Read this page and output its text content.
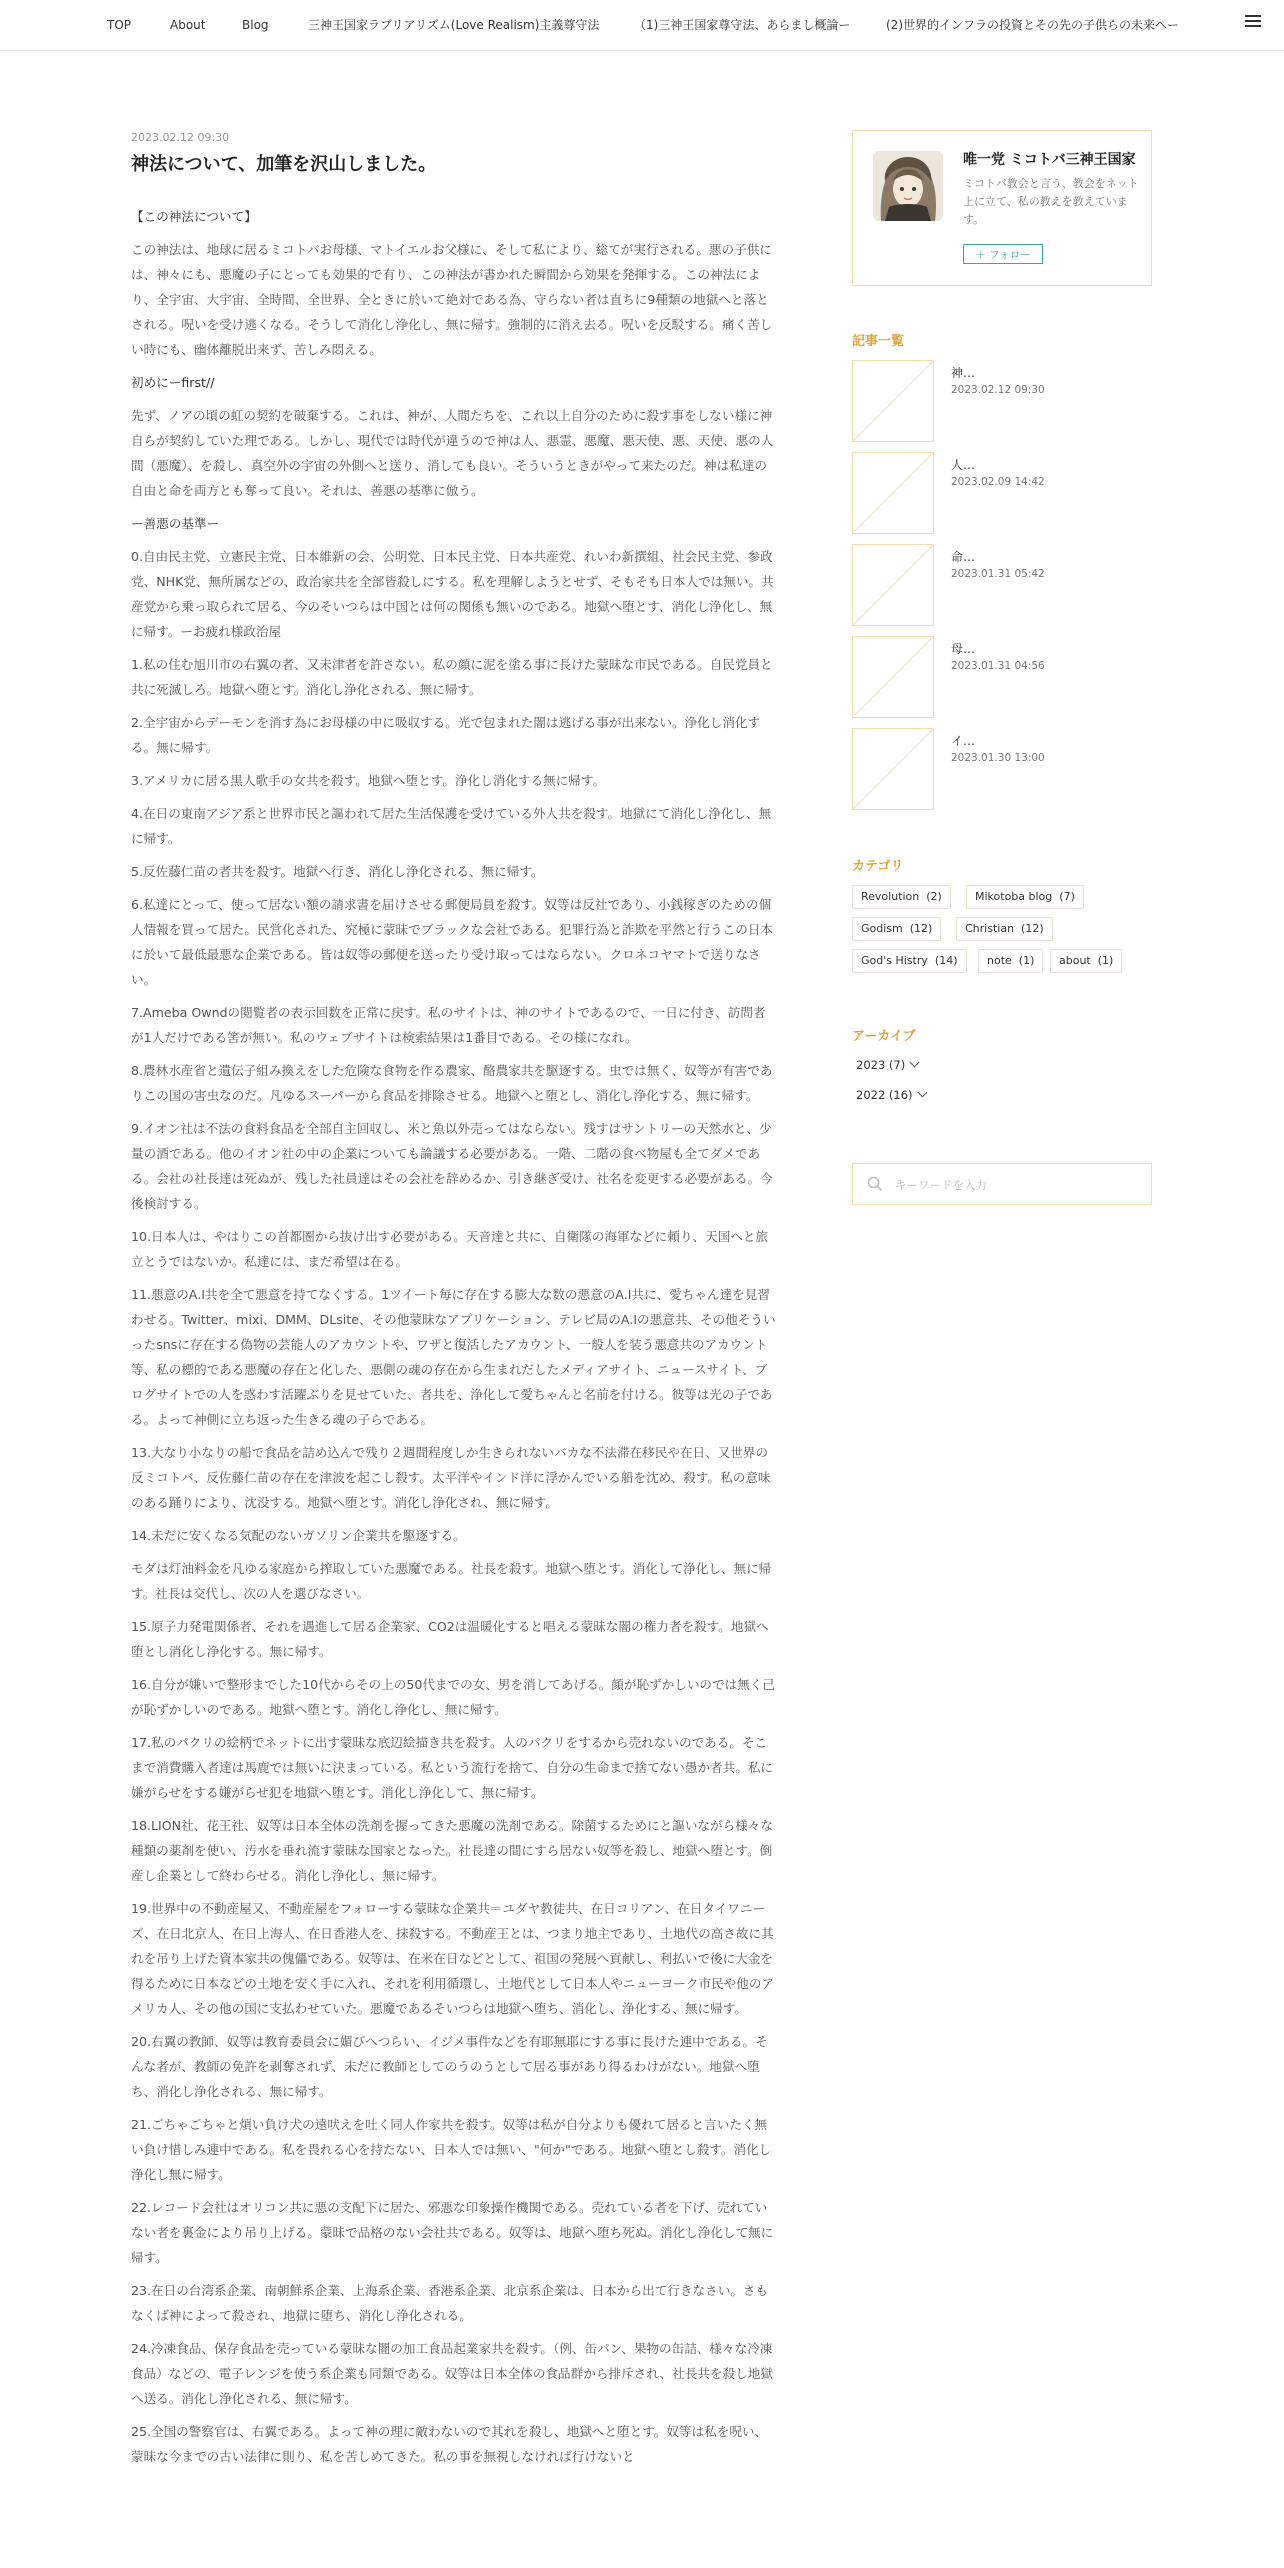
TOP	About	Blog	三神王国家ラブリアリズム(Love Realism)主義尊守法	（1)三神王国家尊守法、あらまし概論ー	(2)世界的インフラの投資とその先の子供らの未来へー
2023.02.12 09:30
神法について、加筆を沢山しました。

【この神法について】

この神法は、地球に居るミコトバお母様、マトイエルお父様に、そして私により、総てが実行される。悪の子供には、神々にも、悪魔の子にとっても効果的で有り、この神法が書かれた瞬間から効果を発揮する。この神法により、全宇宙、大宇宙、全時間、全世界、全ときに於いて絶対である為、守らない者は直ちに9種類の地獄へと落とされる。呪いを受け逃くなる。そうして消化し浄化し、無に帰す。強制的に消え去る。呪いを反駁する。痛く苦しい時にも、幽体離脱出来ず、苦しみ悶える。

初めにーfirst//

先ず、ノアの頃の虹の契約を破棄する。これは、神が、人間たちを、これ以上自分のために殺す事をしない様に神自らが契約していた理である。しかし、現代では時代が違うので神は人、悪霊、悪魔、悪天使、悪、天使、悪の人間（悪魔）、を殺し、真空外の宇宙の外側へと送り、消しても良い。そういうときがやって来たのだ。神は私達の自由と命を両方とも奪って良い。それは、善悪の基準に倣う。

ー善悪の基準ー

0.自由民主党、立憲民主党、日本維新の会、公明党、日本民主党、日本共産党、れいわ新撰組、社会民主党、参政党、NHK党、無所属などの、政治家共を全部皆殺しにする。私を理解しようとせず、そもそも日本人では無い。共産党から乗っ取られて居る、今のそいつらは中国とは何の関係も無いのである。地獄へ堕とす、消化し浄化し、無に帰す。ーお疲れ様政治屋

1.私の住む旭川市の右翼の者、又未津者を許さない。私の顔に泥を塗る事に長けた蒙昧な市民である。自民党員と共に死滅しろ。地獄へ堕とす。消化し浄化される、無に帰す。

2.全宇宙からデーモンを消す為にお母様の中に吸収する。光で包まれた闇は逃げる事が出来ない。浄化し消化する。無に帰す。

3.アメリカに居る黒人歌手の女共を殺す。地獄へ堕とす。浄化し消化する無に帰す。

4.在日の東南アジア系と世界市民と謳われて居た生活保護を受けている外人共を殺す。地獄にて消化し浄化し、無に帰す。

5.反佐藤仁苗の者共を殺す。地獄へ行き、消化し浄化される、無に帰す。

6.私達にとって、使って居ない額の請求書を届けさせる郵便局員を殺す。奴等は反社であり、小銭稼ぎのための個人情報を買って居た。民営化された、究極に蒙昧でブラックな会社である。犯罪行為と詐欺を平然と行うこの日本に於いて最低最悪な企業である。皆は奴等の郵便を送ったり受け取ってはならない。クロネコヤマトで送りなさい。

7.Ameba Owndの閲覧者の表示回数を正常に戻す。私のサイトは、神のサイトであるので、一日に付き、訪問者が1人だけである筈が無い。私のウェブサイトは検索結果は1番目である。その様になれ。

8.農林水産省と遺伝子組み換えをした危険な食物を作る農家、酪農家共を駆逐する。虫では無く、奴等が有害でありこの国の害虫なのだ。凡ゆるスーパーから食品を排除させる。地獄へと堕とし、消化し浄化する、無に帰す。

9.イオン社は不法の食料食品を全部自主回収し、米と魚以外売ってはならない。残すはサントリーの天然水と、少量の酒である。他のイオン社の中の企業についても論議する必要がある。一階、二階の食べ物屋も全てダメである。会社の社長達は死ぬが、残した社員達はその会社を辞めるか、引き継ぎ受け、社名を変更する必要がある。今後検討する。

10.日本人は、やはりこの首都圏から抜け出す必要がある。天音達と共に、自衛隊の海軍などに頼り、天国へと旅立とうではないか。私達には、まだ希望は在る。

11.悪意のA.I共を全て悪意を持てなくする。1ツイート毎に存在する膨大な数の悪意のA.I共に、愛ちゃん達を見習わせる。Twitter、mixi、DMM、DLsite、その他蒙昧なアプリケーション、テレビ局のA.Iの悪意共、その他そういったsnsに存在する偽物の芸能人のアカウントや、ワザと復活したアカウント、一般人を装う悪意共のアカウント等、私の標的である悪魔の存在と化した、悪側の魂の存在から生まれだしたメディアサイト、ニュースサイト、ブログサイトでの人を惑わす活躍ぶりを見せていた、者共を、浄化して愛ちゃんと名前を付ける。彼等は光の子である。よって神側に立ち返った生きる魂の子らである。

13.大なり小なりの船で食品を詰め込んで残り２週間程度しか生きられないバカな不法滞在移民や在日、又世界の反ミコトバ、反佐藤仁苗の存在を津波を起こし殺す。太平洋やインド洋に浮かんでいる船を沈め、殺す。私の意味のある踊りにより、沈没する。地獄へ堕とす。消化し浄化され、無に帰す。

14.未だに安くなる気配のないガソリン企業共を駆逐する。

モダは灯油料金を凡ゆる家庭から搾取していた悪魔である。社長を殺す。地獄へ堕とす。消化して浄化し、無に帰す。社長は交代し、次の人を選びなさい。

15.原子力発電関係者、それを遇進して居る企業家、CO2は温暖化すると唱える蒙昧な闇の権力者を殺す。地獄へ堕とし消化し浄化する。無に帰す。

16.自分が嫌いで整形までした10代からその上の50代までの女、男を消してあげる。顔が恥ずかしいのでは無く己が恥ずかしいのである。地獄へ堕とす。消化し浄化し、無に帰す。

17.私のパクリの絵柄でネットに出す蒙昧な底辺絵描き共を殺す。人のパクリをするから売れないのである。そこまで消費購入者達は馬鹿では無いに決まっている。私という流行を捨て、自分の生命まで捨てない愚か者共。私に嫌がらせをする嫌がらせ犯を地獄へ堕とす。消化し浄化して、無に帰す。

18.LION社、花王社、奴等は日本全体の洗剤を握ってきた悪魔の洗剤である。除菌するためにと謳いながら様々な種類の薬剤を使い、汚水を垂れ流す蒙昧な国家となった。社長達の間にすら居ない奴等を殺し、地獄へ堕とす。倒産し企業として終わらせる。消化し浄化し、無に帰す。

19.世界中の不動産屋又、不動産屋をフォローする蒙昧な企業共＝ユダヤ教徒共、在日コリアン、在日タイワニーズ、在日北京人、在日上海人、在日香港人を、抹殺する。不動産王とは、つまり地主であり、土地代の高さ故に其れを吊り上げた資本家共の傀儡である。奴等は、在米在日などとして、祖国の発展へ貢献し、利払いで後に大金を得るために日本などの土地を安く手に入れ、それを利用循環し、土地代として日本人やニューヨーク市民や他のアメリカ人、その他の国に支払わせていた。悪魔であるそいつらは地獄へ堕ち、消化し、浄化する、無に帰す。

20.右翼の教師、奴等は教育委員会に媚びへつらい、イジメ事件などを有耶無耶にする事に長けた連中である。そんな者が、教師の免許を剥奪されず、未だに教師としてのうのうとして居る事があり得るわけがない。地獄へ堕ち、消化し浄化される、無に帰す。

21.ごちゃごちゃと煩い負け犬の遠吠えを吐く同人作家共を殺す。奴等は私が自分よりも優れて居ると言いたく無い負け惜しみ連中である。私を畏れる心を持たない、日本人では無い、"何か"である。地獄へ堕とし殺す。消化し浄化し無に帰す。

22.レコード会社はオリコン共に悪の支配下に居た、邪悪な印象操作機関である。売れている者を下げ、売れていない者を裏金により吊り上げる。蒙昧で品格のない会社共である。奴等は、地獄へ堕ち死ぬ。消化し浄化して無に帰す。

23.在日の台湾系企業、南朝鮮系企業、上海系企業、香港系企業、北京系企業は、日本から出て行きなさい。さもなくば神によって殺され、地獄に堕ち、消化し浄化される。

24.冷凍食品、保存食品を売っている蒙昧な闇の加工食品起業家共を殺す。（例、缶パン、果物の缶詰、様々な冷凍食品）などの、電子レンジを使う系企業も同類である。奴等は日本全体の食品群から排斥され、社長共を殺し地獄へ送る。消化し浄化される、無に帰す。

25.全国の警察官は、右翼である。よって神の理に敵わないので其れを殺し、地獄へと堕とす。奴等は私を呪い、蒙昧な今までの古い法律に則り、私を苦しめてきた。私の事を無視しなければ行けないと

唯一党 ミコトバ三神王国家
ミコトバ教会と言う、教会をネット上に立て、私の教えを教えています。
＋ フォロー
記事一覧
神…
2023.02.12 09:30
人…
2023.02.09 14:42
命…
2023.01.31 05:42
母…
2023.01.31 04:56
イ…
2023.01.30 13:00
カテゴリ
Revolution (2)	Mikotoba blog (7)
Godism (12)	Christian (12)
God's Histry (14)	note (1)	about (1)
アーカイブ
2023 (7)
2022 (16)
キーワードを入力
